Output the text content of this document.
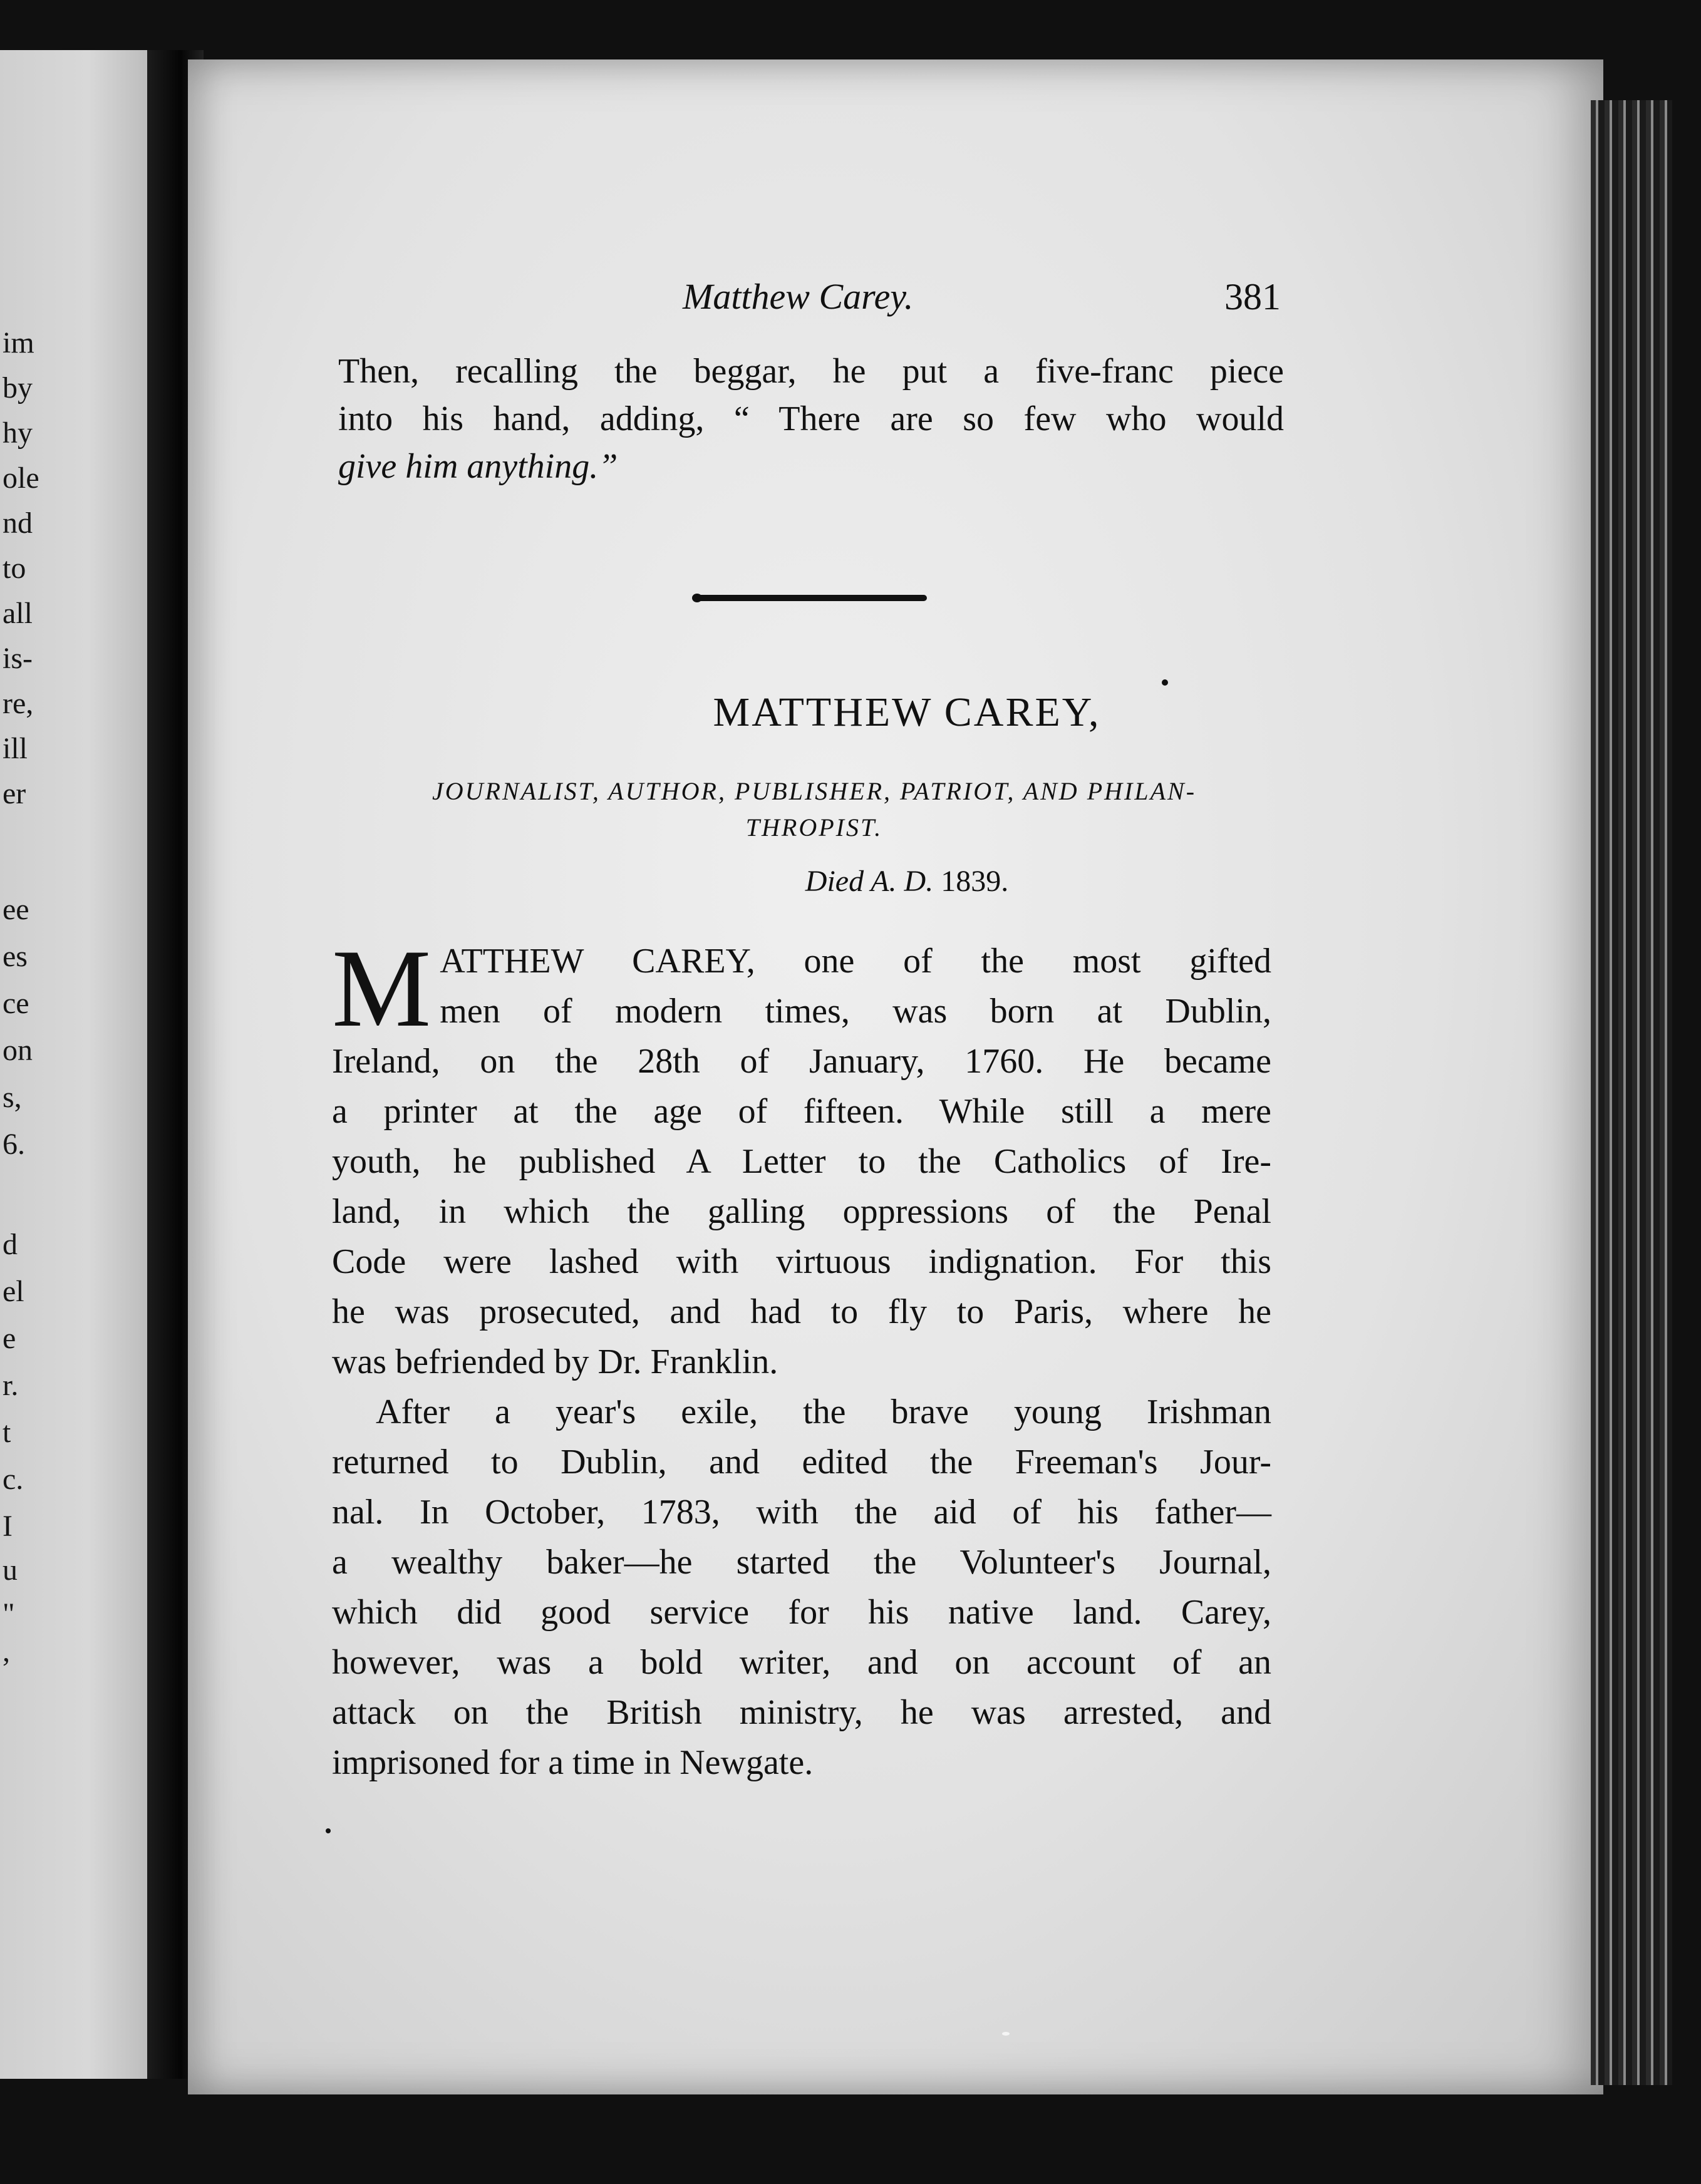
im
by
hy
ole
nd
to
all
is-
re,
ill
er
ee
es
ce
on
s,
6.
d
el
e
r.
t
c.
I
u
"
,
Matthew Carey.	381
Then, recalling the beggar, he put a five-franc piece
into his hand, adding, “ There are so few who would
give him anything.”
MATTHEW CAREY,
JOURNALIST, AUTHOR, PUBLISHER, PATRIOT, AND PHILAN-
THROPIST.
Died A. D. 1839.
M ATTHEW CAREY, one of the most gifted
men of modern times, was born at Dublin,
Ireland, on the 28th of January, 1760. He became
a printer at the age of fifteen. While still a mere
youth, he published A Letter to the Catholics of Ire-
land, in which the galling oppressions of the Penal
Code were lashed with virtuous indignation. For this
he was prosecuted, and had to fly to Paris, where he
was befriended by Dr. Franklin.
After a year's exile, the brave young Irishman
returned to Dublin, and edited the Freeman's Jour-
nal. In October, 1783, with the aid of his father—
a wealthy baker—he started the Volunteer's Journal,
which did good service for his native land. Carey,
however, was a bold writer, and on account of an
attack on the British ministry, he was arrested, and
imprisoned for a time in Newgate.
